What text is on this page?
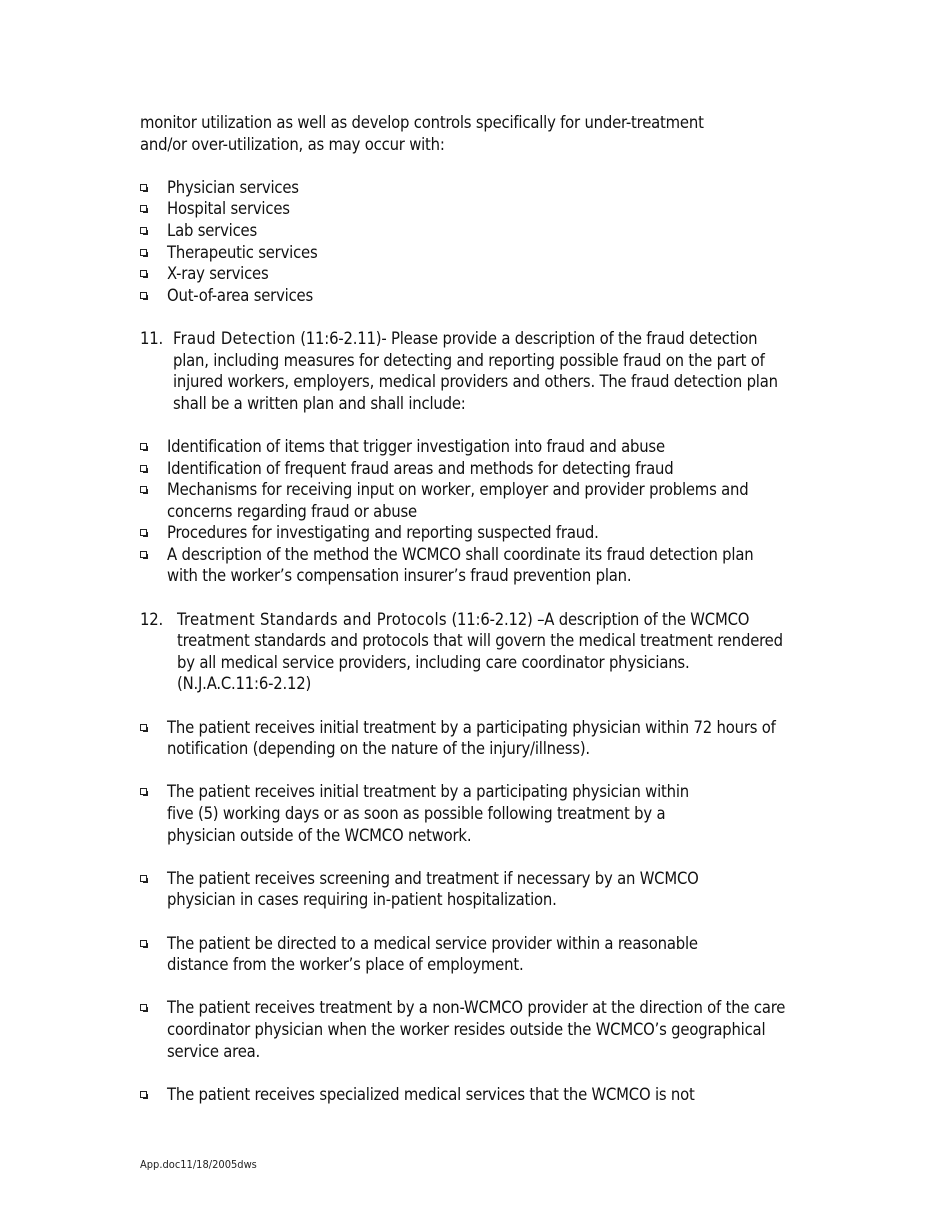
monitor utilization as well as develop controls specifically for under-treatment

and/or over-utilization, as may occur with:

Physician services

Hospital services

Lab services

Therapeutic services

X-ray services

Out-of-area services

11. Fraud Detection (11:6-2.11)- Please provide a description of the fraud detection

plan, including measures for detecting and reporting possible fraud on the part of

injured workers, employers, medical providers and others. The fraud detection plan

shall be a written plan and shall include:

Identification of items that trigger investigation into fraud and abuse
Identification of frequent fraud areas and methods for detecting fraud
Mechanisms for receiving input on worker, employer and provider problems and
concerns regarding fraud or abuse
Procedures for investigating and reporting suspected fraud.
A description of the method the WCMCO shall coordinate its fraud detection plan
with the worker’s compensation insurer’s fraud prevention plan.
12. Treatment Standards and Protocols (11:6-2.12) –A description of the WCMCO

treatment standards and protocols that will govern the medical treatment rendered

by all medical service providers, including care coordinator physicians.

(N.J.A.C.11:6-2.12)

The patient receives initial treatment by a participating physician within 72 hours of
notification (depending on the nature of the injury/illness).
The patient receives initial treatment by a participating physician within
five (5) working days or as soon as possible following treatment by a
physician outside of the WCMCO network.
The patient receives screening and treatment if necessary by an WCMCO
physician in cases requiring in-patient hospitalization.
The patient be directed to a medical service provider within a reasonable
distance from the worker’s place of employment.
The patient receives treatment by a non-WCMCO provider at the direction of the care
coordinator physician when the worker resides outside the WCMCO’s geographical
service area.
The patient receives specialized medical services that the WCMCO is not
App.doc11/18/2005dws
